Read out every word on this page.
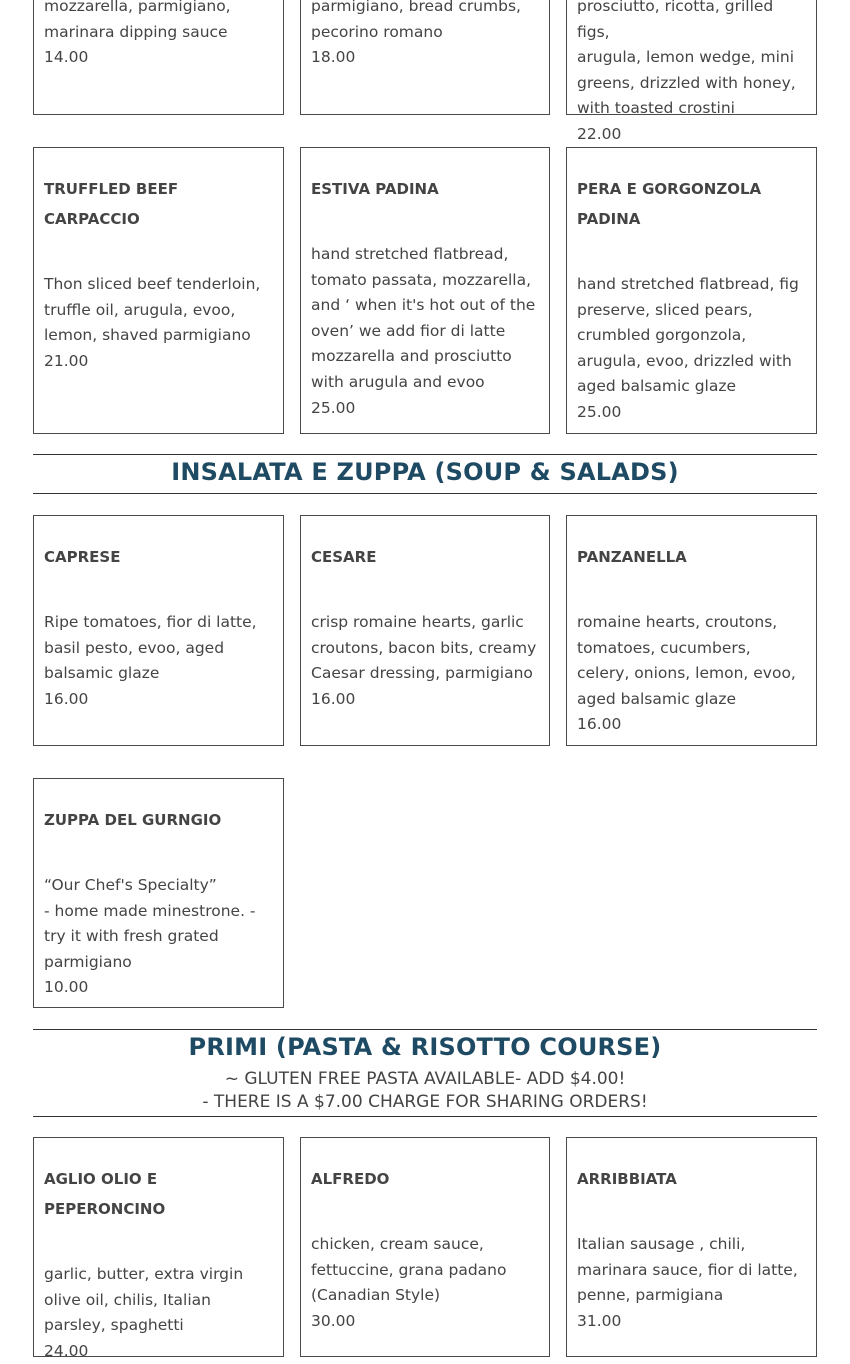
mozzarella, parmigiano,
marinara dipping sauce
14.00
parmigiano, bread crumbs,
pecorino romano
18.00
prosciutto, ricotta, grilled figs,
arugula, lemon wedge, mini greens, drizzled with honey, with toasted crostini
22.00
TRUFFLED BEEF CARPACCIO
Thon sliced beef tenderloin, truffle oil, arugula, evoo, lemon, shaved parmigiano
21.00
ESTIVA PADINA
hand stretched flatbread, tomato passata, mozzarella, and ‘ when it's hot out of the oven’ we add fior di latte mozzarella and prosciutto with arugula and evoo
25.00
PERA E GORGONZOLA PADINA
hand stretched flatbread, fig preserve, sliced pears, crumbled gorgonzola, arugula, evoo, drizzled with aged balsamic glaze
25.00
INSALATA E ZUPPA (SOUP & SALADS)
CAPRESE
Ripe tomatoes, fior di latte, basil pesto, evoo, aged balsamic glaze
16.00
CESARE
crisp romaine hearts, garlic croutons, bacon bits, creamy Caesar dressing, parmigiano
16.00
PANZANELLA
romaine hearts, croutons, tomatoes, cucumbers, celery, onions, lemon, evoo, aged balsamic glaze
16.00
ZUPPA DEL GURNGIO
“Our Chef's Specialty”
- home made minestrone. - try it with fresh grated parmigiano
10.00
PRIMI (PASTA & RISOTTO COURSE)
~ GLUTEN FREE PASTA AVAILABLE- ADD $4.00!
- THERE IS A $7.00 CHARGE FOR SHARING ORDERS!
AGLIO OLIO E PEPERONCINO
garlic, butter, extra virgin olive oil, chilis, Italian parsley, spaghetti
24.00
ALFREDO
chicken, cream sauce, fettuccine, grana padano (Canadian Style)
30.00
ARRIBBIATA
Italian sausage , chili, marinara sauce, fior di latte, penne, parmigiana
31.00
